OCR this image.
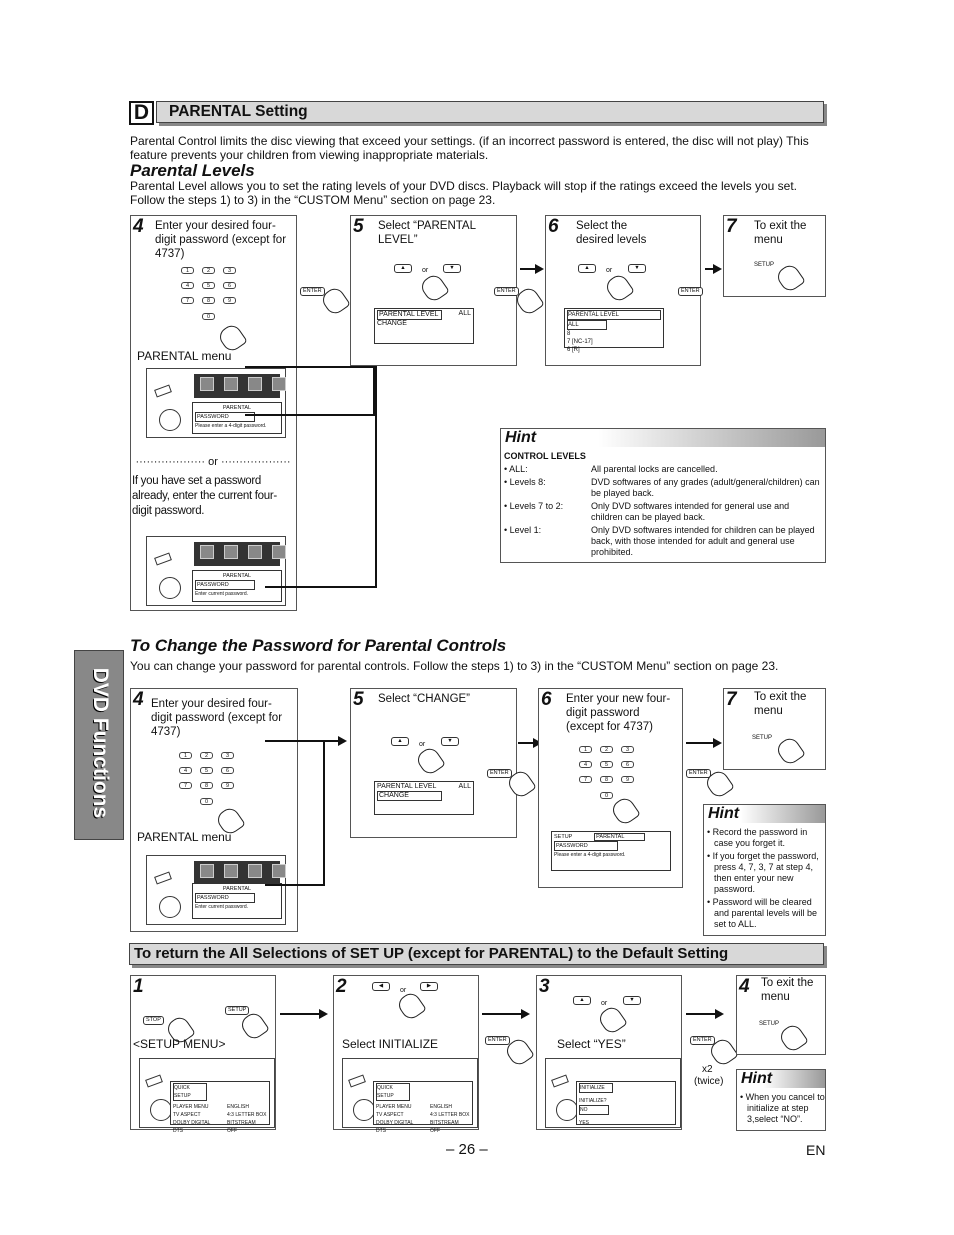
DVD Functions
D	PARENTAL Setting
Parental Control limits the disc viewing that exceed your settings. (if an incorrect password is entered, the disc will not play) This feature prevents your children from viewing inappropriate materials.
Parental Levels
Parental Level allows you to set the rating levels of your DVD discs. Playback will stop if the ratings exceed the levels you set. Follow the steps 1) to 3) in the “CUSTOM Menu” section on page 23.
4 Enter your desired four-digit password (except for 4737)
1	2	3
4	5	6
7	8	9
0
PARENTAL menu
PARENTAL
PASSWORD
Please enter a 4-digit password.
··················· or ···················
If you have set a password already, enter the current four-digit password.
PARENTAL
PASSWORD
Enter current password.
ENTER
5 Select “PARENTAL LEVEL”
▲	or	▼
PARENTAL LEVEL	ALL
CHANGE
ENTER
6 Select the desired levels
▲	or	▼
PARENTAL LEVEL
ALL
8
7 [NC-17]
6 [R]
ENTER
7 To exit the menu
SETUP
Hint
CONTROL LEVELS
• ALL:	All parental locks are cancelled.
• Levels 8:	DVD softwares of any grades (adult/general/children) can be played back.
• Levels 7 to 2:	Only DVD softwares intended for general use and children can be played back.
• Level 1:	Only DVD softwares intended for children can be played back, with those intended for adult and general use prohibited.
To Change the Password for Parental Controls
You can change your password for parental controls. Follow the steps 1) to 3) in the “CUSTOM Menu” section on page 23.
4 Enter your desired four-digit password (except for 4737)
1	2	3
4	5	6
7	8	9
0
PARENTAL menu
PARENTAL
PASSWORD
Enter current password.
5 Select “CHANGE”
▲	or	▼
PARENTAL LEVEL	ALL
CHANGE
ENTER
6 Enter your new four-digit password (except for 4737)
1	2	3
4	5	6
7	8	9
0
SETUP	PARENTAL
PASSWORD
Please enter a 4-digit password.
ENTER
7 To exit the menu
SETUP
Hint
• Record the password in case you forget it.
• If you forget the password, press 4, 7, 3, 7 at step 4, then enter your new password.
• Password will be cleared and parental levels will be set to ALL.
To return the All Selections of SET UP (except for PARENTAL) to the Default Setting
1
STOP
SETUP
<SETUP MENU>
QUICK SETUP
PLAYER MENU	ENGLISH
TV ASPECT	4:3 LETTER BOX
DOLBY DIGITAL	BITSTREAM
DTS	OFF
2	◀
or
▶
Select INITIALIZE
QUICK SETUP
PLAYER MENU	ENGLISH
TV ASPECT	4:3 LETTER BOX
DOLBY DIGITAL	BITSTREAM
DTS	OFF
ENTER
3
▲	or	▼
Select “YES”
INITIALIZE
INITIALIZE?
NO
YES
ENTER
x2
(twice)
4 To exit the menu
SETUP
Hint
• When you cancel to initialize at step 3,select “NO”.
– 26 –	EN
